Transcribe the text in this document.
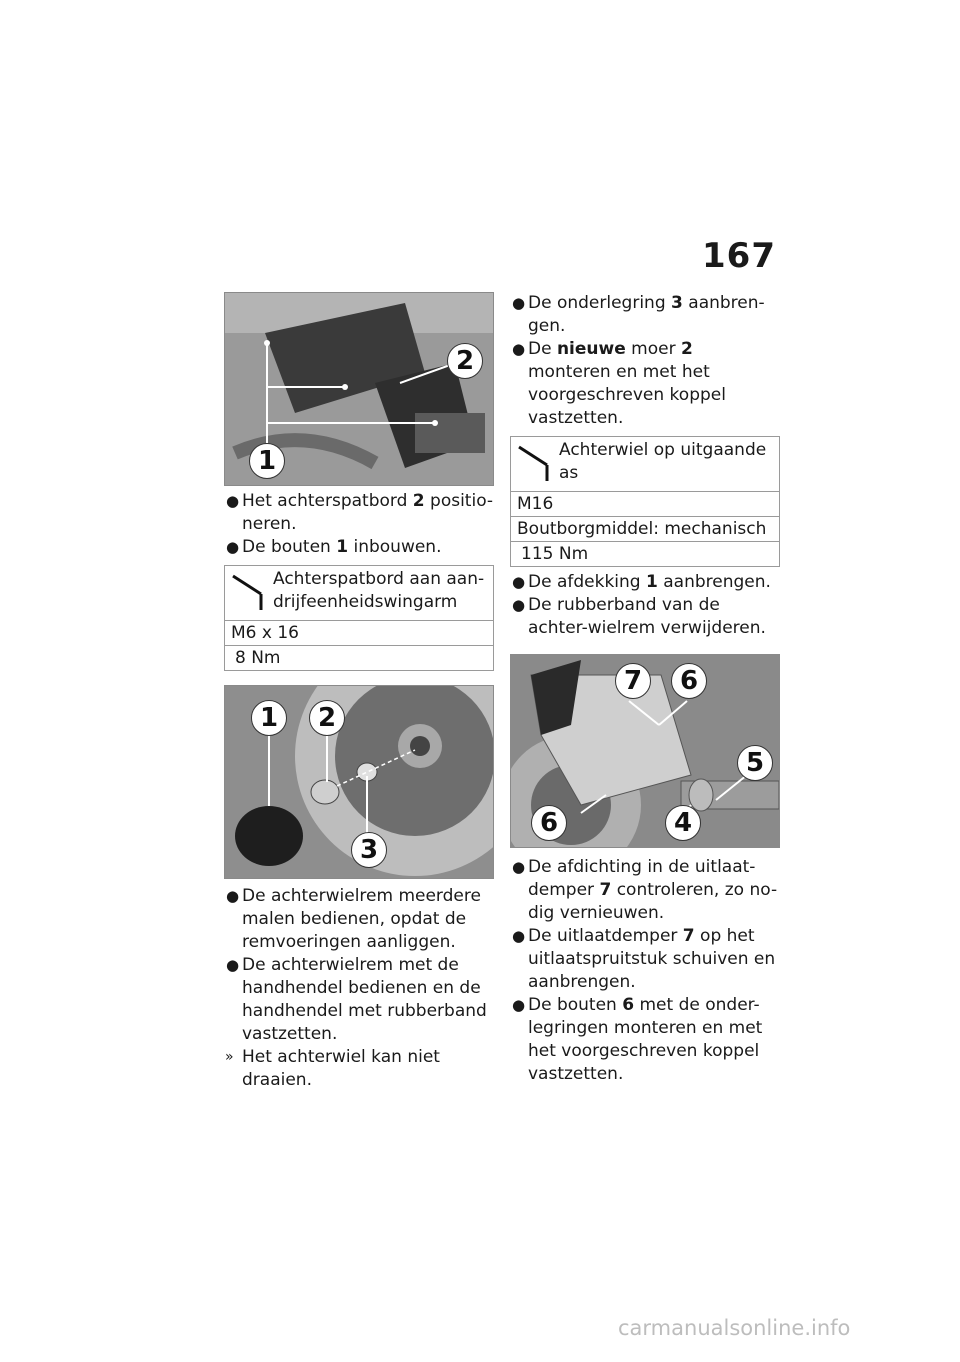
167
1
2
● Het achterspatbord 2 positio-neren.
● De bouten 1 inbouwen.
Achterspatbord aan aan-drijfeenheidswingarm
M6 x 16
8 Nm
1	2
3
● De achterwielrem meerdere malen bedienen, opdat de remvoeringen aanliggen.
● De achterwielrem met de handhendel bedienen en de handhendel met rubberband vastzetten.
» Het achterwiel kan niet draaien.
● De onderlegring 3 aanbren-gen.
● De nieuwe moer 2 monteren en met het voorgeschreven koppel vastzetten.
Achterwiel op uitgaande as
M16
Boutborgmiddel: mechanisch
115 Nm
● De afdekking 1 aanbrengen.
● De rubberband van de achter-wielrem verwijderen.
7	6
5
6	4
● De afdichting in de uitlaat-demper 7 controleren, zo no-dig vernieuwen.
● De uitlaatdemper 7 op het uitlaatspruitstuk schuiven en aanbrengen.
● De bouten 6 met de onder-legringen monteren en met het voorgeschreven koppel vastzetten.
carmanualsonline.info
